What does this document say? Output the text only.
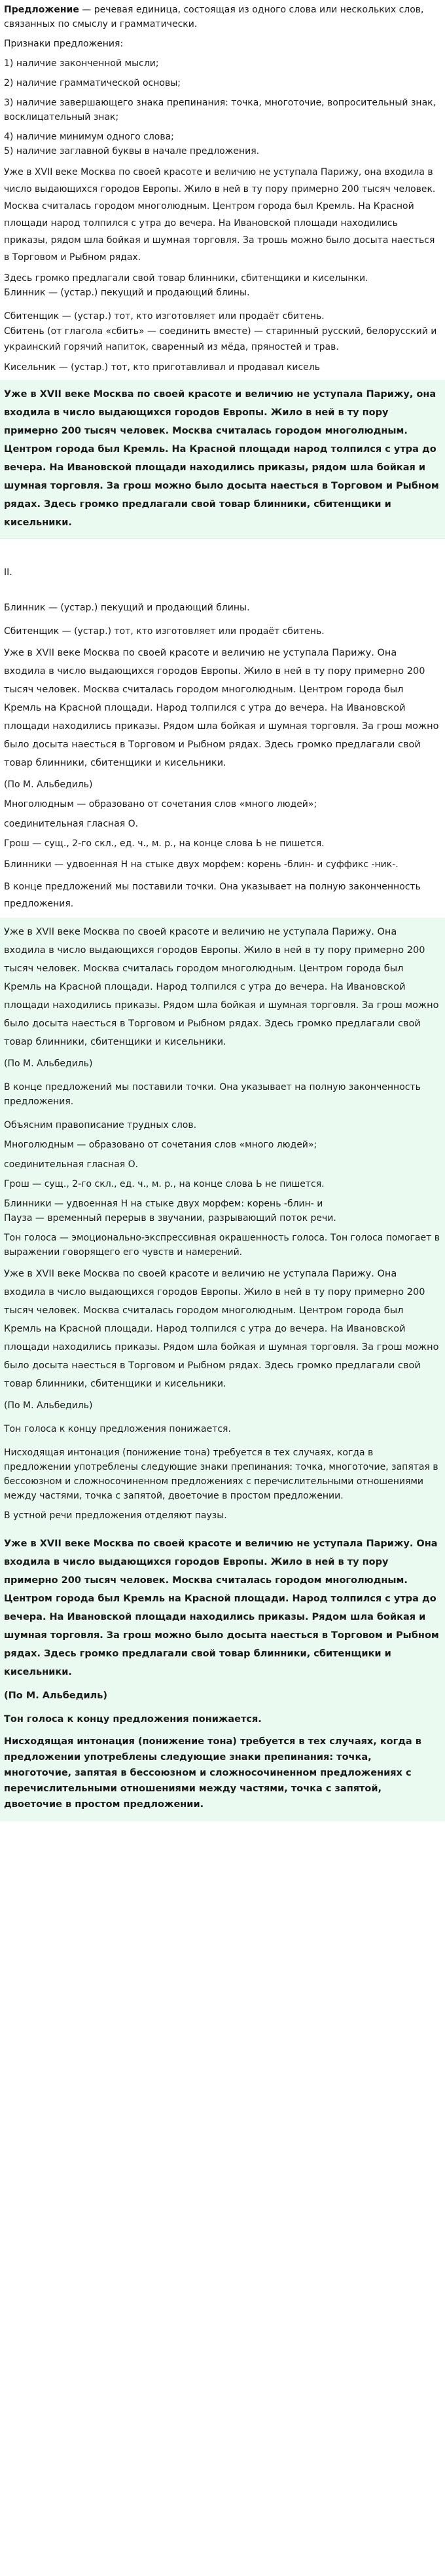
Предложение — речевая единица, состоящая из одного слова или нескольких слов, связанных по смыслу и грамматически.

Признаки предложения:

1) наличие законченной мысли;

2) наличие грамматической основы;

3) наличие завершающего знака препинания: точка, многоточие, вопросительный знак, восклицательный знак;

4) наличие минимум одного слова;

5) наличие заглавной буквы в начале предложения.

Уже в XVII веке Москва по своей красоте и величию не уступала Парижу, она входила в число выдающихся городов Европы. Жило в ней в ту пору примерно 200 тысяч человек. Москва считалась городом многолюдным. Центром города был Кремль. На Красной площади народ толпился с утра до вечера. На Ивановской площади находились приказы, рядом шла бойкая и шумная торговля. За трошь можно было досыта наесться в Торговом и Рыбном рядах.

Здесь громко предлагали свой товар блинники, сбитенщики и киселынки.

Блинник — (устар.) пекущий и продающий блины.

Сбитенщик — (устар.) тот, кто изготовляет или продаёт сбитень.

Сбитень (от глагола «сбить» — соединить вместе) — старинный русский, белорусский и украинский горячий напиток, сваренный из мёда, пряностей и трав.

Кисельник — (устар.) тот, кто приготавливал и продавал кисель

Уже в XVII веке Москва по своей красоте и величию не уступала Парижу, она входила в число выдающихся городов Европы. Жило в ней в ту пору примерно 200 тысяч человек. Москва считалась городом многолюдным. Центром города был Кремль. На Красной площади народ толпился с утра до вечера. На Ивановской площади находились приказы, рядом шла бойкая и шумная торговля. За грош можно было досыта наесться в Торговом и Рыбном рядах. Здесь громко предлагали свой товар блинники, сбитенщики и кисельники.

II.

Блинник — (устар.) пекущий и продающий блины.

Сбитенщик — (устар.) тот, кто изготовляет или продаёт сбитень.

Уже в XVII веке Москва по своей красоте и величию не уступала Парижу. Она входила в число выдающихся городов Европы. Жило в ней в ту пору примерно 200 тысяч человек. Москва считалась городом многолюдным. Центром города был Кремль на Красной площади. Народ толпился с утра до вечера. На Ивановской площади находились приказы. Рядом шла бойкая и шумная торговля. За грош можно было досыта наесться в Торговом и Рыбном рядах. Здесь громко предлагали свой товар блинники, сбитенщики и кисельники.

(По М. Альбедиль)

Многолюдным — образовано от сочетания слов «много людей»;

соединительная гласная О.

Грош — сущ., 2-го скл., ед. ч., м. р., на конце слова Ь не пишется.

Блинники — удвоенная Н на стыке двух морфем: корень -блин- и суффикс -ник-.

В конце предложений мы поставили точки. Она указывает на полную законченность предложения.

Уже в XVII веке Москва по своей красоте и величию не уступала Парижу. Она входила в число выдающихся городов Европы. Жило в ней в ту пору примерно 200 тысяч человек. Москва считалась городом многолюдным. Центром города был Кремль на Красной площади. Народ толпился с утра до вечера. На Ивановской площади находились приказы. Рядом шла бойкая и шумная торговля. За грош можно было досыта наесться в Торговом и Рыбном рядах. Здесь громко предлагали свой товар блинники, сбитенщики и кисельники.

(По М. Альбедиль)

В конце предложений мы поставили точки. Она указывает на полную законченность предложения.

Объясним правописание трудных слов.

Многолюдным — образовано от сочетания слов «много людей»;

соединительная гласная О.

Грош — сущ., 2-го скл., ед. ч., м. р., на конце слова Ь не пишется.

Блинники — удвоенная Н на стыке двух морфем: корень -блин- и

Пауза — временный перерыв в звучании, разрывающий поток речи.

Тон голоса — эмоционально-экспрессивная окрашенность голоса. Тон голоса помогает в выражении говорящего его чувств и намерений.

Уже в XVII веке Москва по своей красоте и величию не уступала Парижу. Она входила в число выдающихся городов Европы. Жило в ней в ту пору примерно 200 тысяч человек. Москва считалась городом многолюдным. Центром города был Кремль на Красной площади. Народ толпился с утра до вечера. На Ивановской площади находились приказы. Рядом шла бойкая и шумная торговля. За грош можно было досыта наесться в Торговом и Рыбном рядах. Здесь громко предлагали свой товар блинники, сбитенщики и кисельники.

(По М. Альбедиль)

Тон голоса к концу предложения понижается.

Нисходящая интонация (понижение тона) требуется в тех случаях, когда в предложении употреблены следующие знаки препинания: точка, многоточие, запятая в бессоюзном и сложносочиненном предложениях с перечислительными отношениями между частями, точка с запятой, двоеточие в простом предложении.

В устной речи предложения отделяют паузы.

Уже в XVII веке Москва по своей красоте и величию не уступала Парижу. Она входила в число выдающихся городов Европы. Жило в ней в ту пору примерно 200 тысяч человек. Москва считалась городом многолюдным. Центром города был Кремль на Красной площади. Народ толпился с утра до вечера. На Ивановской площади находились приказы. Рядом шла бойкая и шумная торговля. За грош можно было досыта наесться в Торговом и Рыбном рядах. Здесь громко предлагали свой товар блинники, сбитенщики и кисельники.

(По М. Альбедиль)

Тон голоса к концу предложения понижается.

Нисходящая интонация (понижение тона) требуется в тех случаях, когда в предложении употреблены следующие знаки препинания: точка, многоточие, запятая в бессоюзном и сложносочиненном предложениях с перечислительными отношениями между частями, точка с запятой, двоеточие в простом предложении.
